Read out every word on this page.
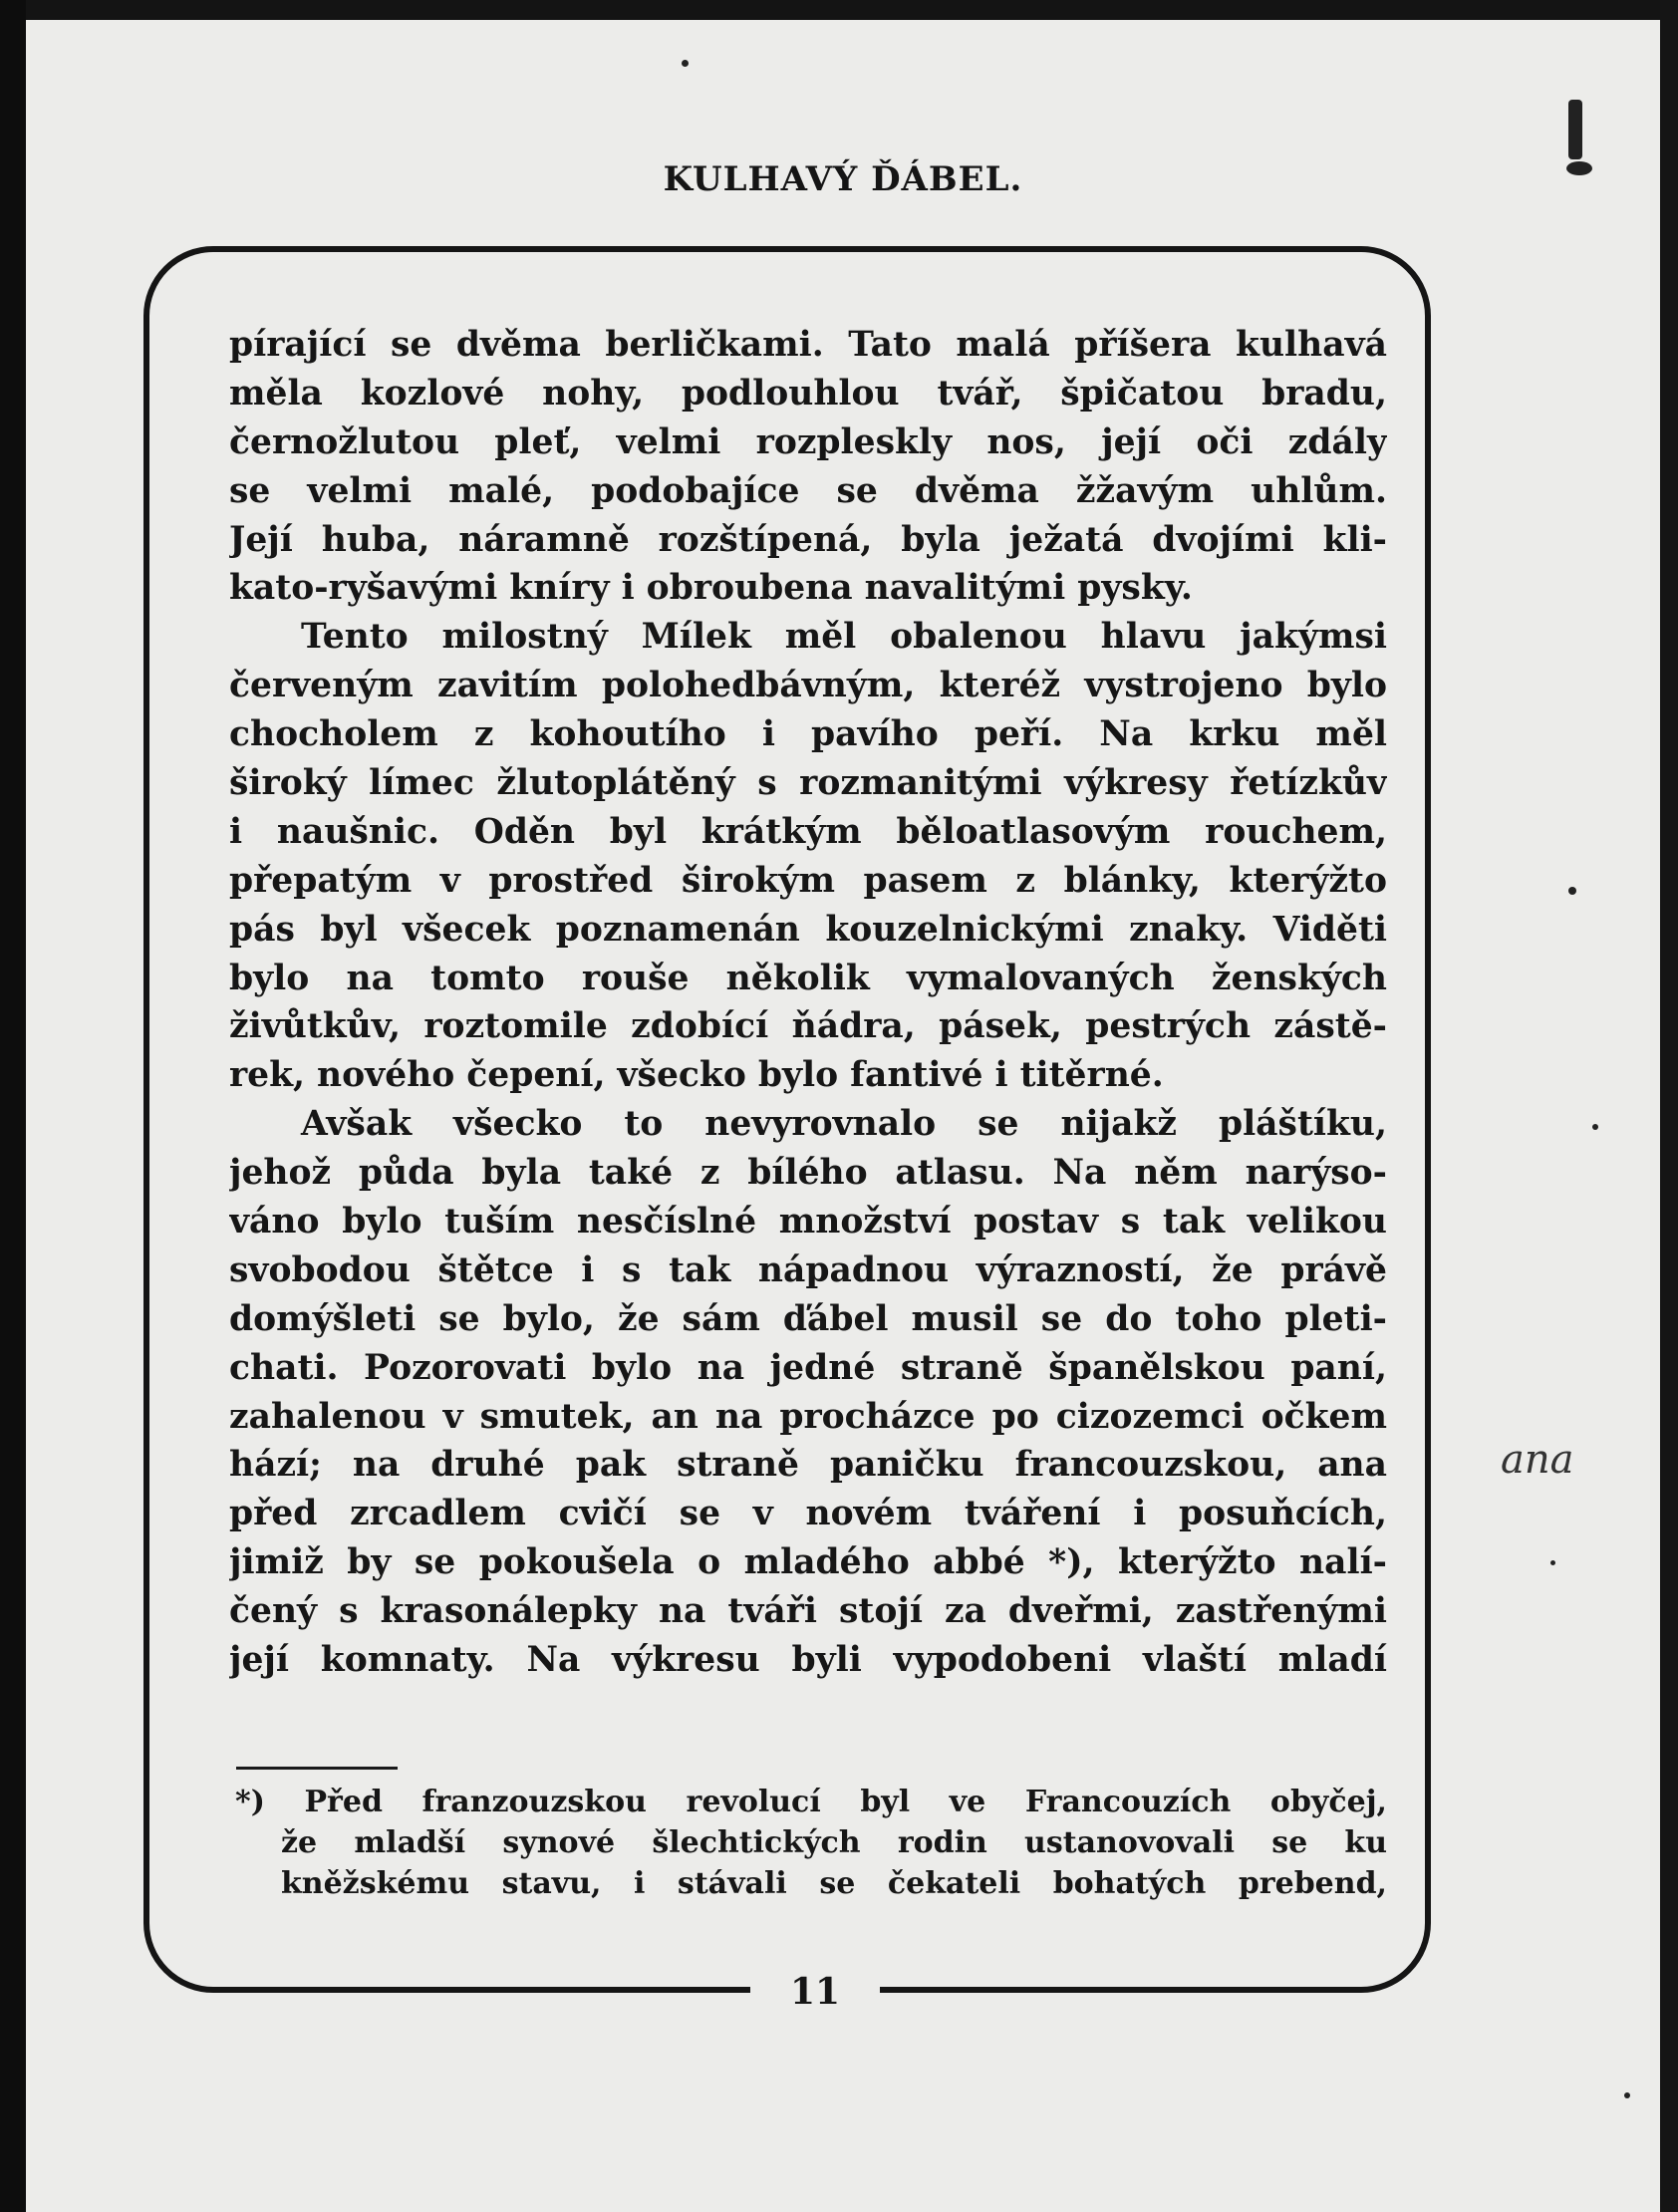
KULHAVÝ ĎÁBEL.
11
pírající se dvěma berličkami. Tato malá příšera kulhavá
měla kozlové nohy, podlouhlou tvář, špičatou bradu,
černožlutou pleť, velmi rozpleskly nos, její oči zdály
se velmi malé, podobajíce se dvěma žžavým uhlům.
Její huba, náramně rozštípená, byla ježatá dvojími kli-
kato-ryšavými kníry i obroubena navalitými pysky.
Tento milostný Mílek měl obalenou hlavu jakýmsi
červeným zavitím polohedbávným, kteréž vystrojeno bylo
chocholem z kohoutího i pavího peří. Na krku měl
široký límec žlutoplátěný s rozmanitými výkresy řetízkův
i naušnic. Oděn byl krátkým běloatlasovým rouchem,
přepatým v prostřed širokým pasem z blánky, kterýžto
pás byl všecek poznamenán kouzelnickými znaky. Viděti
bylo na tomto rouše několik vymalovaných ženských
živůtkův, roztomile zdobící ňádra, pásek, pestrých zástě-
rek, nového čepení, všecko bylo fantivé i titěrné.
Avšak všecko to nevyrovnalo se nijakž pláštíku,
jehož půda byla také z bílého atlasu. Na něm narýso-
váno bylo tuším nesčíslné množství postav s tak velikou
svobodou štětce i s tak nápadnou výrazností, že právě
domýšleti se bylo, že sám ďábel musil se do toho pleti-
chati. Pozorovati bylo na jedné straně španělskou paní,
zahalenou v smutek, an na procházce po cizozemci očkem
hází; na druhé pak straně paničku francouzskou, ana
před zrcadlem cvičí se v novém tváření i posuňcích,
jimiž by se pokoušela o mladého abbé *), kterýžto nalí-
čený s krasonálepky na tváři stojí za dveřmi, zastřenými
její komnaty. Na výkresu byli vypodobeni vlaští mladí
*) Před franzouzskou revolucí byl ve Francouzích obyčej,
že mladší synové šlechtických rodin ustanovovali se ku
kněžskému stavu, i stávali se čekateli bohatých prebend,
ana
